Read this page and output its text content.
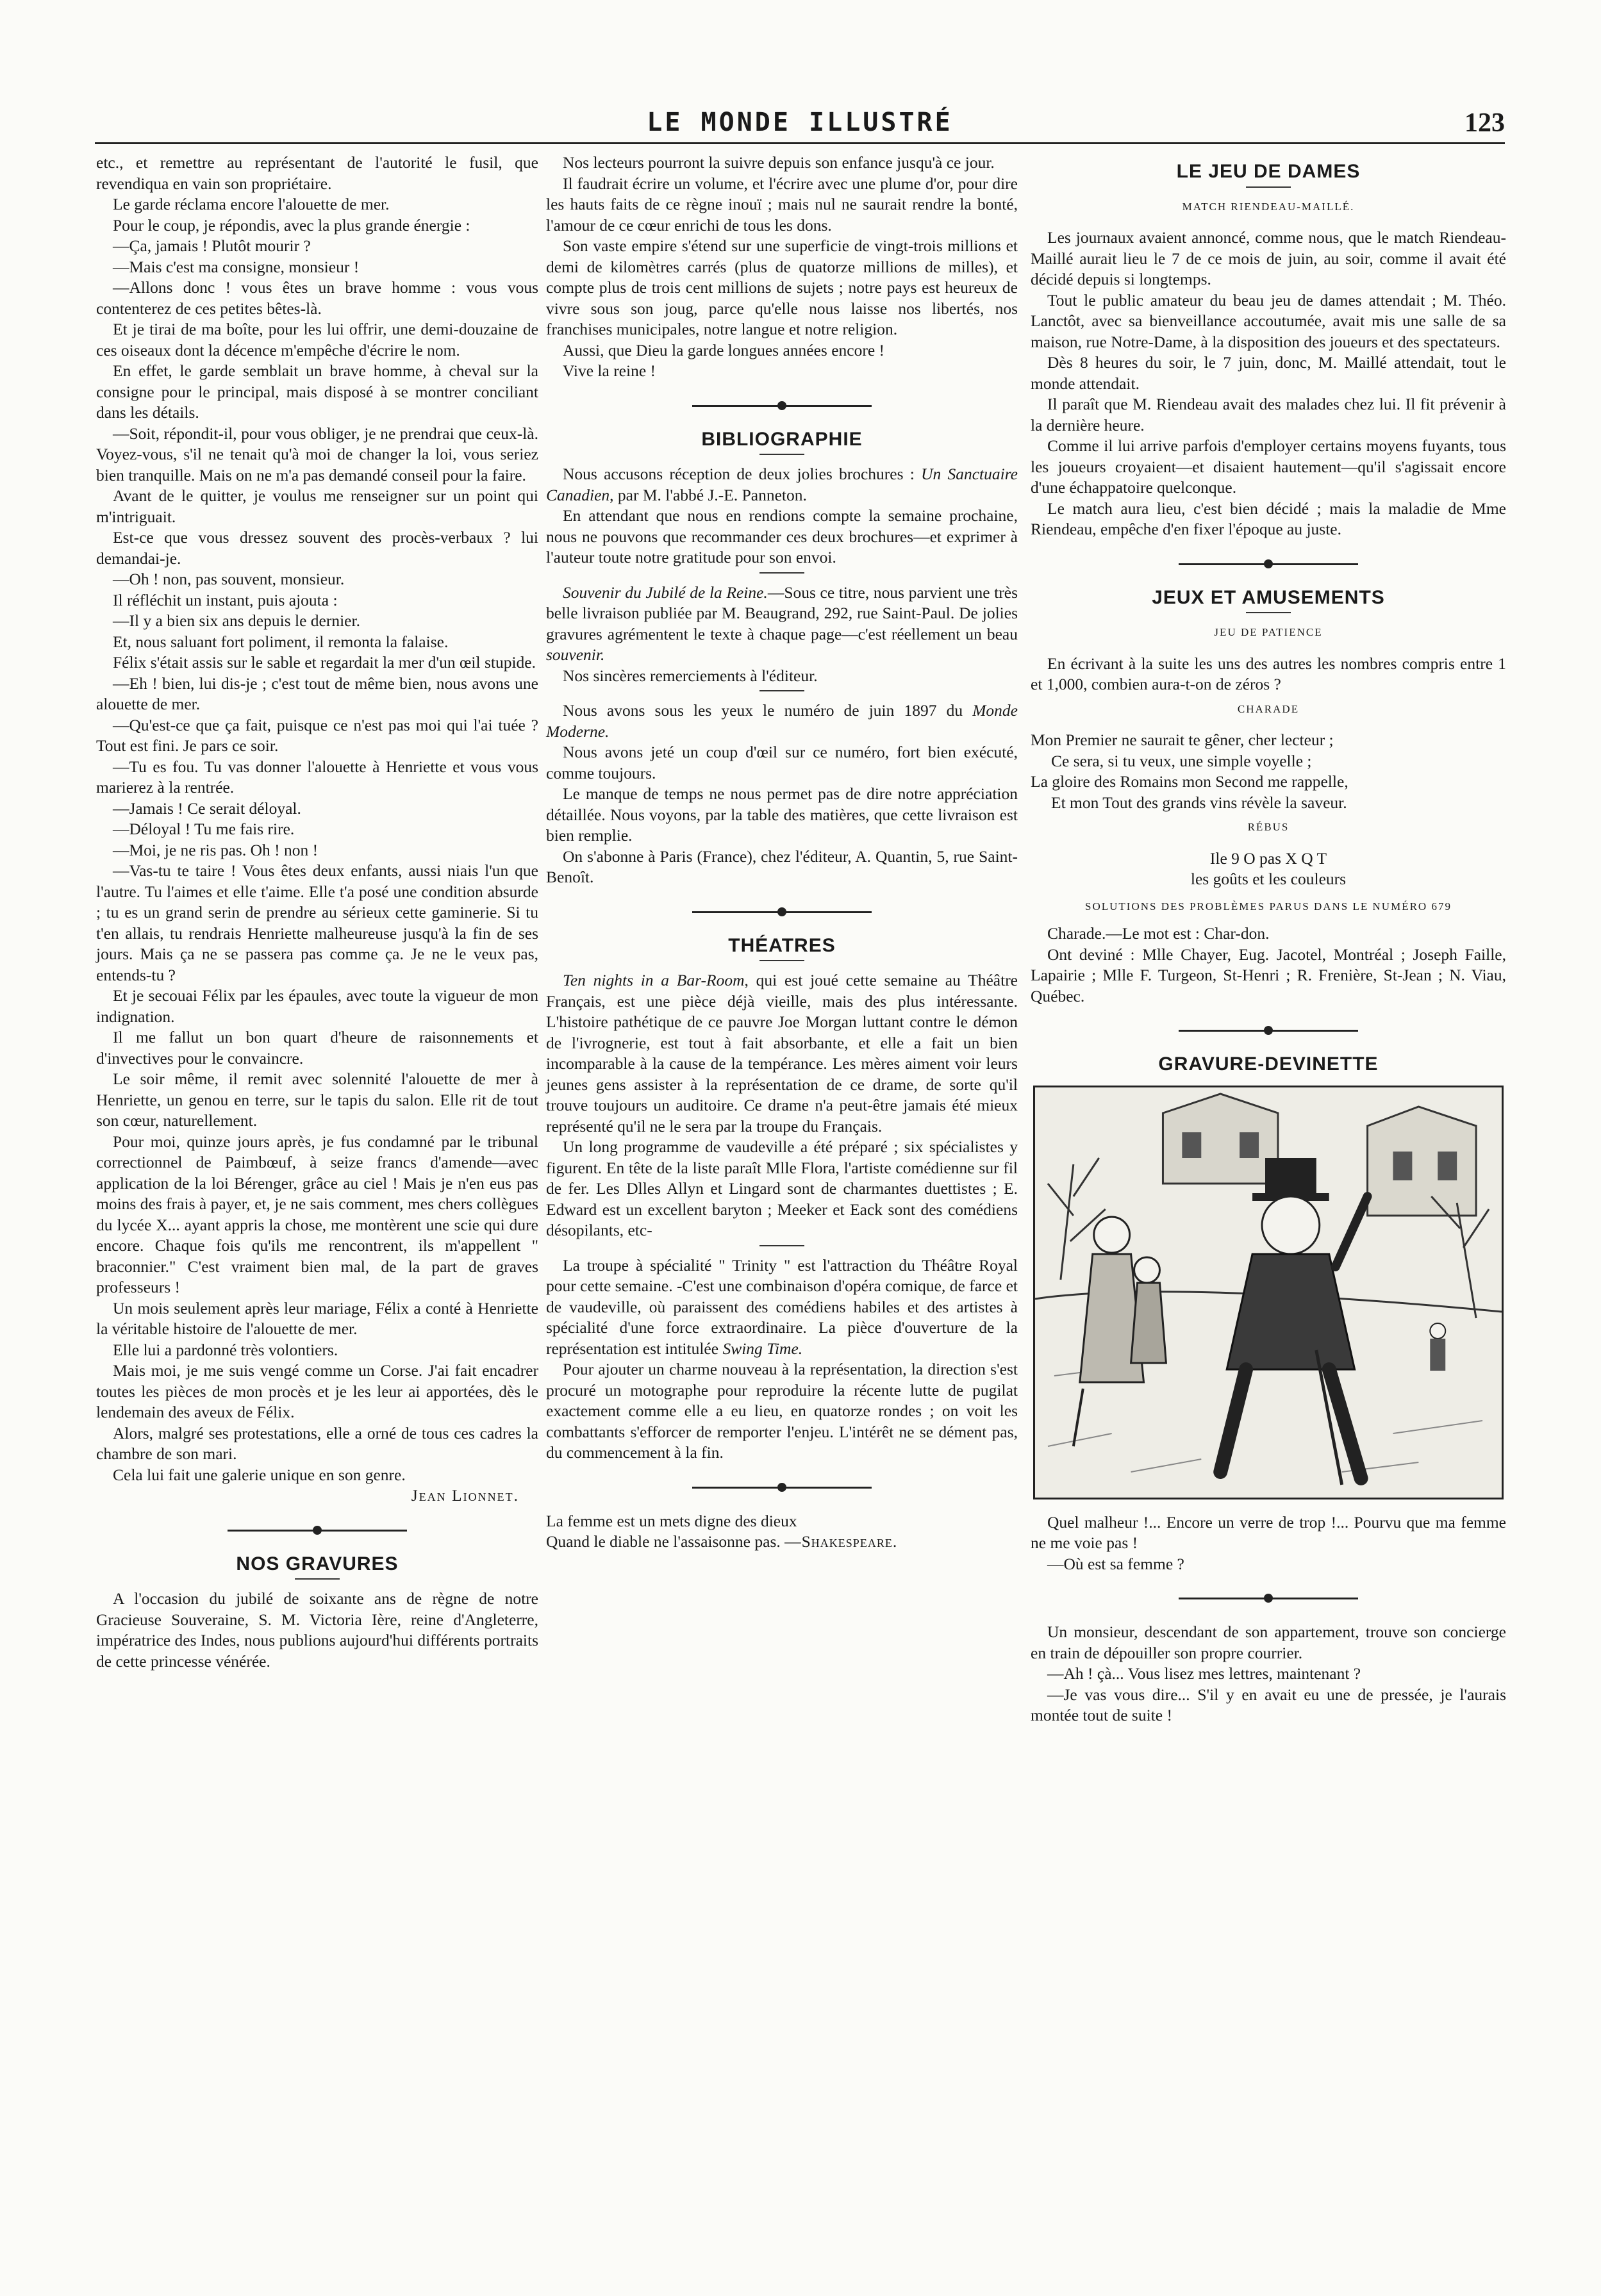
LE MONDE ILLUSTRÉ	123

etc., et remettre au représentant de l'autorité le fusil, que revendiqua en vain son propriétaire.

Le garde réclama encore l'alouette de mer.

Pour le coup, je répondis, avec la plus grande énergie :

—Ça, jamais ! Plutôt mourir ?

—Mais c'est ma consigne, monsieur !

—Allons donc ! vous êtes un brave homme : vous vous contenterez de ces petites bêtes-là.

Et je tirai de ma boîte, pour les lui offrir, une demi-douzaine de ces oiseaux dont la décence m'empêche d'écrire le nom.

En effet, le garde semblait un brave homme, à cheval sur la consigne pour le principal, mais disposé à se montrer conciliant dans les détails.

—Soit, répondit-il, pour vous obliger, je ne prendrai que ceux-là. Voyez-vous, s'il ne tenait qu'à moi de changer la loi, vous seriez bien tranquille. Mais on ne m'a pas demandé conseil pour la faire.

Avant de le quitter, je voulus me renseigner sur un point qui m'intriguait.

Est-ce que vous dressez souvent des procès-verbaux ? lui demandai-je.

—Oh ! non, pas souvent, monsieur.

Il réfléchit un instant, puis ajouta :

—Il y a bien six ans depuis le dernier.

Et, nous saluant fort poliment, il remonta la falaise.

Félix s'était assis sur le sable et regardait la mer d'un œil stupide.

—Eh ! bien, lui dis-je ; c'est tout de même bien, nous avons une alouette de mer.

—Qu'est-ce que ça fait, puisque ce n'est pas moi qui l'ai tuée ? Tout est fini. Je pars ce soir.

—Tu es fou. Tu vas donner l'alouette à Henriette et vous vous marierez à la rentrée.

—Jamais ! Ce serait déloyal.

—Déloyal ! Tu me fais rire.

—Moi, je ne ris pas. Oh ! non !

—Vas-tu te taire ! Vous êtes deux enfants, aussi niais l'un que l'autre. Tu l'aimes et elle t'aime. Elle t'a posé une condition absurde ; tu es un grand serin de prendre au sérieux cette gaminerie. Si tu t'en allais, tu rendrais Henriette malheureuse jusqu'à la fin de ses jours. Mais ça ne se passera pas comme ça. Je ne le veux pas, entends-tu ?

Et je secouai Félix par les épaules, avec toute la vigueur de mon indignation.

Il me fallut un bon quart d'heure de raisonnements et d'invectives pour le convaincre.

Le soir même, il remit avec solennité l'alouette de mer à Henriette, un genou en terre, sur le tapis du salon. Elle rit de tout son cœur, naturellement.

Pour moi, quinze jours après, je fus condamné par le tribunal correctionnel de Paimbœuf, à seize francs d'amende—avec application de la loi Bérenger, grâce au ciel ! Mais je n'en eus pas moins des frais à payer, et, je ne sais comment, mes chers collègues du lycée X... ayant appris la chose, me montèrent une scie qui dure encore. Chaque fois qu'ils me rencontrent, ils m'appellent " braconnier." C'est vraiment bien mal, de la part de graves professeurs !

Un mois seulement après leur mariage, Félix a conté à Henriette la véritable histoire de l'alouette de mer.

Elle lui a pardonné très volontiers.

Mais moi, je me suis vengé comme un Corse. J'ai fait encadrer toutes les pièces de mon procès et je les leur ai apportées, dès le lendemain des aveux de Félix.

Alors, malgré ses protestations, elle a orné de tous ces cadres la chambre de son mari.

Cela lui fait une galerie unique en son genre.

Jean Lionnet.
NOS GRAVURES

A l'occasion du jubilé de soixante ans de règne de notre Gracieuse Souveraine, S. M. Victoria Ière, reine d'Angleterre, impératrice des Indes, nous publions aujourd'hui différents portraits de cette princesse vénérée.

Nos lecteurs pourront la suivre depuis son enfance jusqu'à ce jour.

Il faudrait écrire un volume, et l'écrire avec une plume d'or, pour dire les hauts faits de ce règne inouï ; mais nul ne saurait rendre la bonté, l'amour de ce cœur enrichi de tous les dons.

Son vaste empire s'étend sur une superficie de vingt-trois millions et demi de kilomètres carrés (plus de quatorze millions de milles), et compte plus de trois cent millions de sujets ; notre pays est heureux de vivre sous son joug, parce qu'elle nous laisse nos libertés, nos franchises municipales, notre langue et notre religion.

Aussi, que Dieu la garde longues années encore !

Vive la reine !

BIBLIOGRAPHIE

Nous accusons réception de deux jolies brochures : Un Sanctuaire Canadien, par M. l'abbé J.-E. Panneton.

En attendant que nous en rendions compte la semaine prochaine, nous ne pouvons que recommander ces deux brochures—et exprimer à l'auteur toute notre gratitude pour son envoi.

Souvenir du Jubilé de la Reine.—Sous ce titre, nous parvient une très belle livraison publiée par M. Beaugrand, 292, rue Saint-Paul. De jolies gravures agrémentent le texte à chaque page—c'est réellement un beau souvenir.

Nos sincères remerciements à l'éditeur.

Nous avons sous les yeux le numéro de juin 1897 du Monde Moderne.

Nous avons jeté un coup d'œil sur ce numéro, fort bien exécuté, comme toujours.

Le manque de temps ne nous permet pas de dire notre appréciation détaillée. Nous voyons, par la table des matières, que cette livraison est bien remplie.

On s'abonne à Paris (France), chez l'éditeur, A. Quantin, 5, rue Saint-Benoît.

THÉATRES

Ten nights in a Bar-Room, qui est joué cette semaine au Théâtre Français, est une pièce déjà vieille, mais des plus intéressante. L'histoire pathétique de ce pauvre Joe Morgan luttant contre le démon de l'ivrognerie, est tout à fait absorbante, et elle a fait un bien incomparable à la cause de la tempérance. Les mères aiment voir leurs jeunes gens assister à la représentation de ce drame, de sorte qu'il trouve toujours un auditoire. Ce drame n'a peut-être jamais été mieux représenté qu'il ne le sera par la troupe du Français.

Un long programme de vaudeville a été préparé ; six spécialistes y figurent. En tête de la liste paraît Mlle Flora, l'artiste comédienne sur fil de fer. Les Dlles Allyn et Lingard sont de charmantes duettistes ; E. Edward est un excellent baryton ; Meeker et Eack sont des comédiens désopilants, etc-

La troupe à spécialité " Trinity " est l'attraction du Théâtre Royal pour cette semaine. -C'est une combinaison d'opéra comique, de farce et de vaudeville, où paraissent des comédiens habiles et des artistes à spécialité d'une force extraordinaire. La pièce d'ouverture de la représentation est intitulée Swing Time.

Pour ajouter un charme nouveau à la représentation, la direction s'est procuré un motographe pour reproduire la récente lutte de pugilat exactement comme elle a eu lieu, en quatorze rondes ; on voit les combattants s'efforcer de remporter l'enjeu. L'intérêt ne se dément pas, du commencement à la fin.

La femme est un mets digne des dieux

Quand le diable ne l'assaisonne pas. —Shakespeare.

LE JEU DE DAMES
MATCH RIENDEAU-MAILLÉ.

Les journaux avaient annoncé, comme nous, que le match Riendeau-Maillé aurait lieu le 7 de ce mois de juin, au soir, comme il avait été décidé depuis si longtemps.

Tout le public amateur du beau jeu de dames attendait ; M. Théo. Lanctôt, avec sa bienveillance accoutumée, avait mis une salle de sa maison, rue Notre-Dame, à la disposition des joueurs et des spectateurs.

Dès 8 heures du soir, le 7 juin, donc, M. Maillé attendait, tout le monde attendait.

Il paraît que M. Riendeau avait des malades chez lui. Il fit prévenir à la dernière heure.

Comme il lui arrive parfois d'employer certains moyens fuyants, tous les joueurs croyaient—et disaient hautement—qu'il s'agissait encore d'une échappatoire quelconque.

Le match aura lieu, c'est bien décidé ; mais la maladie de Mme Riendeau, empêche d'en fixer l'époque au juste.

JEUX ET AMUSEMENTS
JEU DE PATIENCE

En écrivant à la suite les uns des autres les nombres compris entre 1 et 1,000, combien aura-t-on de zéros ?

CHARADE

Mon Premier ne saurait te gêner, cher lecteur ;

Ce sera, si tu veux, une simple voyelle ;

La gloire des Romains mon Second me rappelle,

Et mon Tout des grands vins révèle la saveur.

RÉBUS

Ile 9 O pas X Q T

les goûts et les couleurs

SOLUTIONS DES PROBLÈMES PARUS DANS LE NUMÉRO 679

Charade.—Le mot est : Char-don.

Ont deviné : Mlle Chayer, Eug. Jacotel, Montréal ; Joseph Faille, Lapairie ; Mlle F. Turgeon, St-Henri ; R. Frenière, St-Jean ; N. Viau, Québec.

GRAVURE-DEVINETTE

Quel malheur !... Encore un verre de trop !... Pourvu que ma femme ne me voie pas !

—Où est sa femme ?

Un monsieur, descendant de son appartement, trouve son concierge en train de dépouiller son propre courrier.

—Ah ! çà... Vous lisez mes lettres, maintenant ?

—Je vas vous dire... S'il y en avait eu une de pressée, je l'aurais montée tout de suite !
